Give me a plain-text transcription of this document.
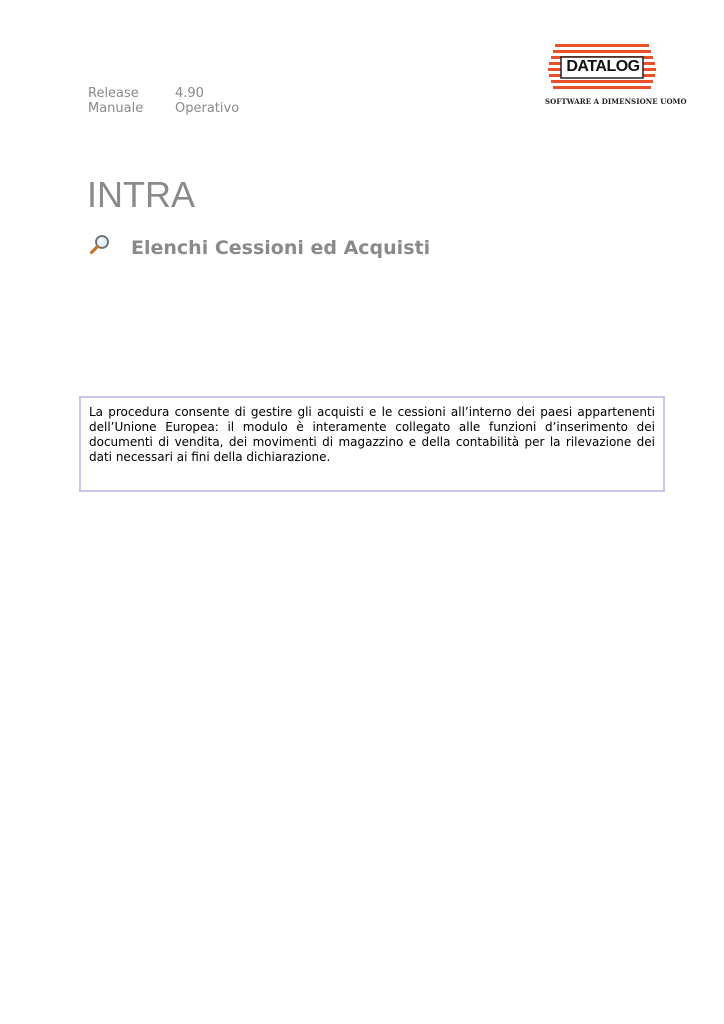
Release	4.90
Manuale	Operativo
DATALOG
SOFTWARE A DIMENSIONE UOMO
INTRA
Elenchi Cessioni ed Acquisti
La procedura consente di gestire gli acquisti e le cessioni all’interno dei paesi appartenenti dell’Unione Europea: il modulo è interamente collegato alle funzioni d’inserimento dei documenti di vendita, dei movimenti di magazzino e della contabilità per la rilevazione dei dati necessari ai fini della dichiarazione.
